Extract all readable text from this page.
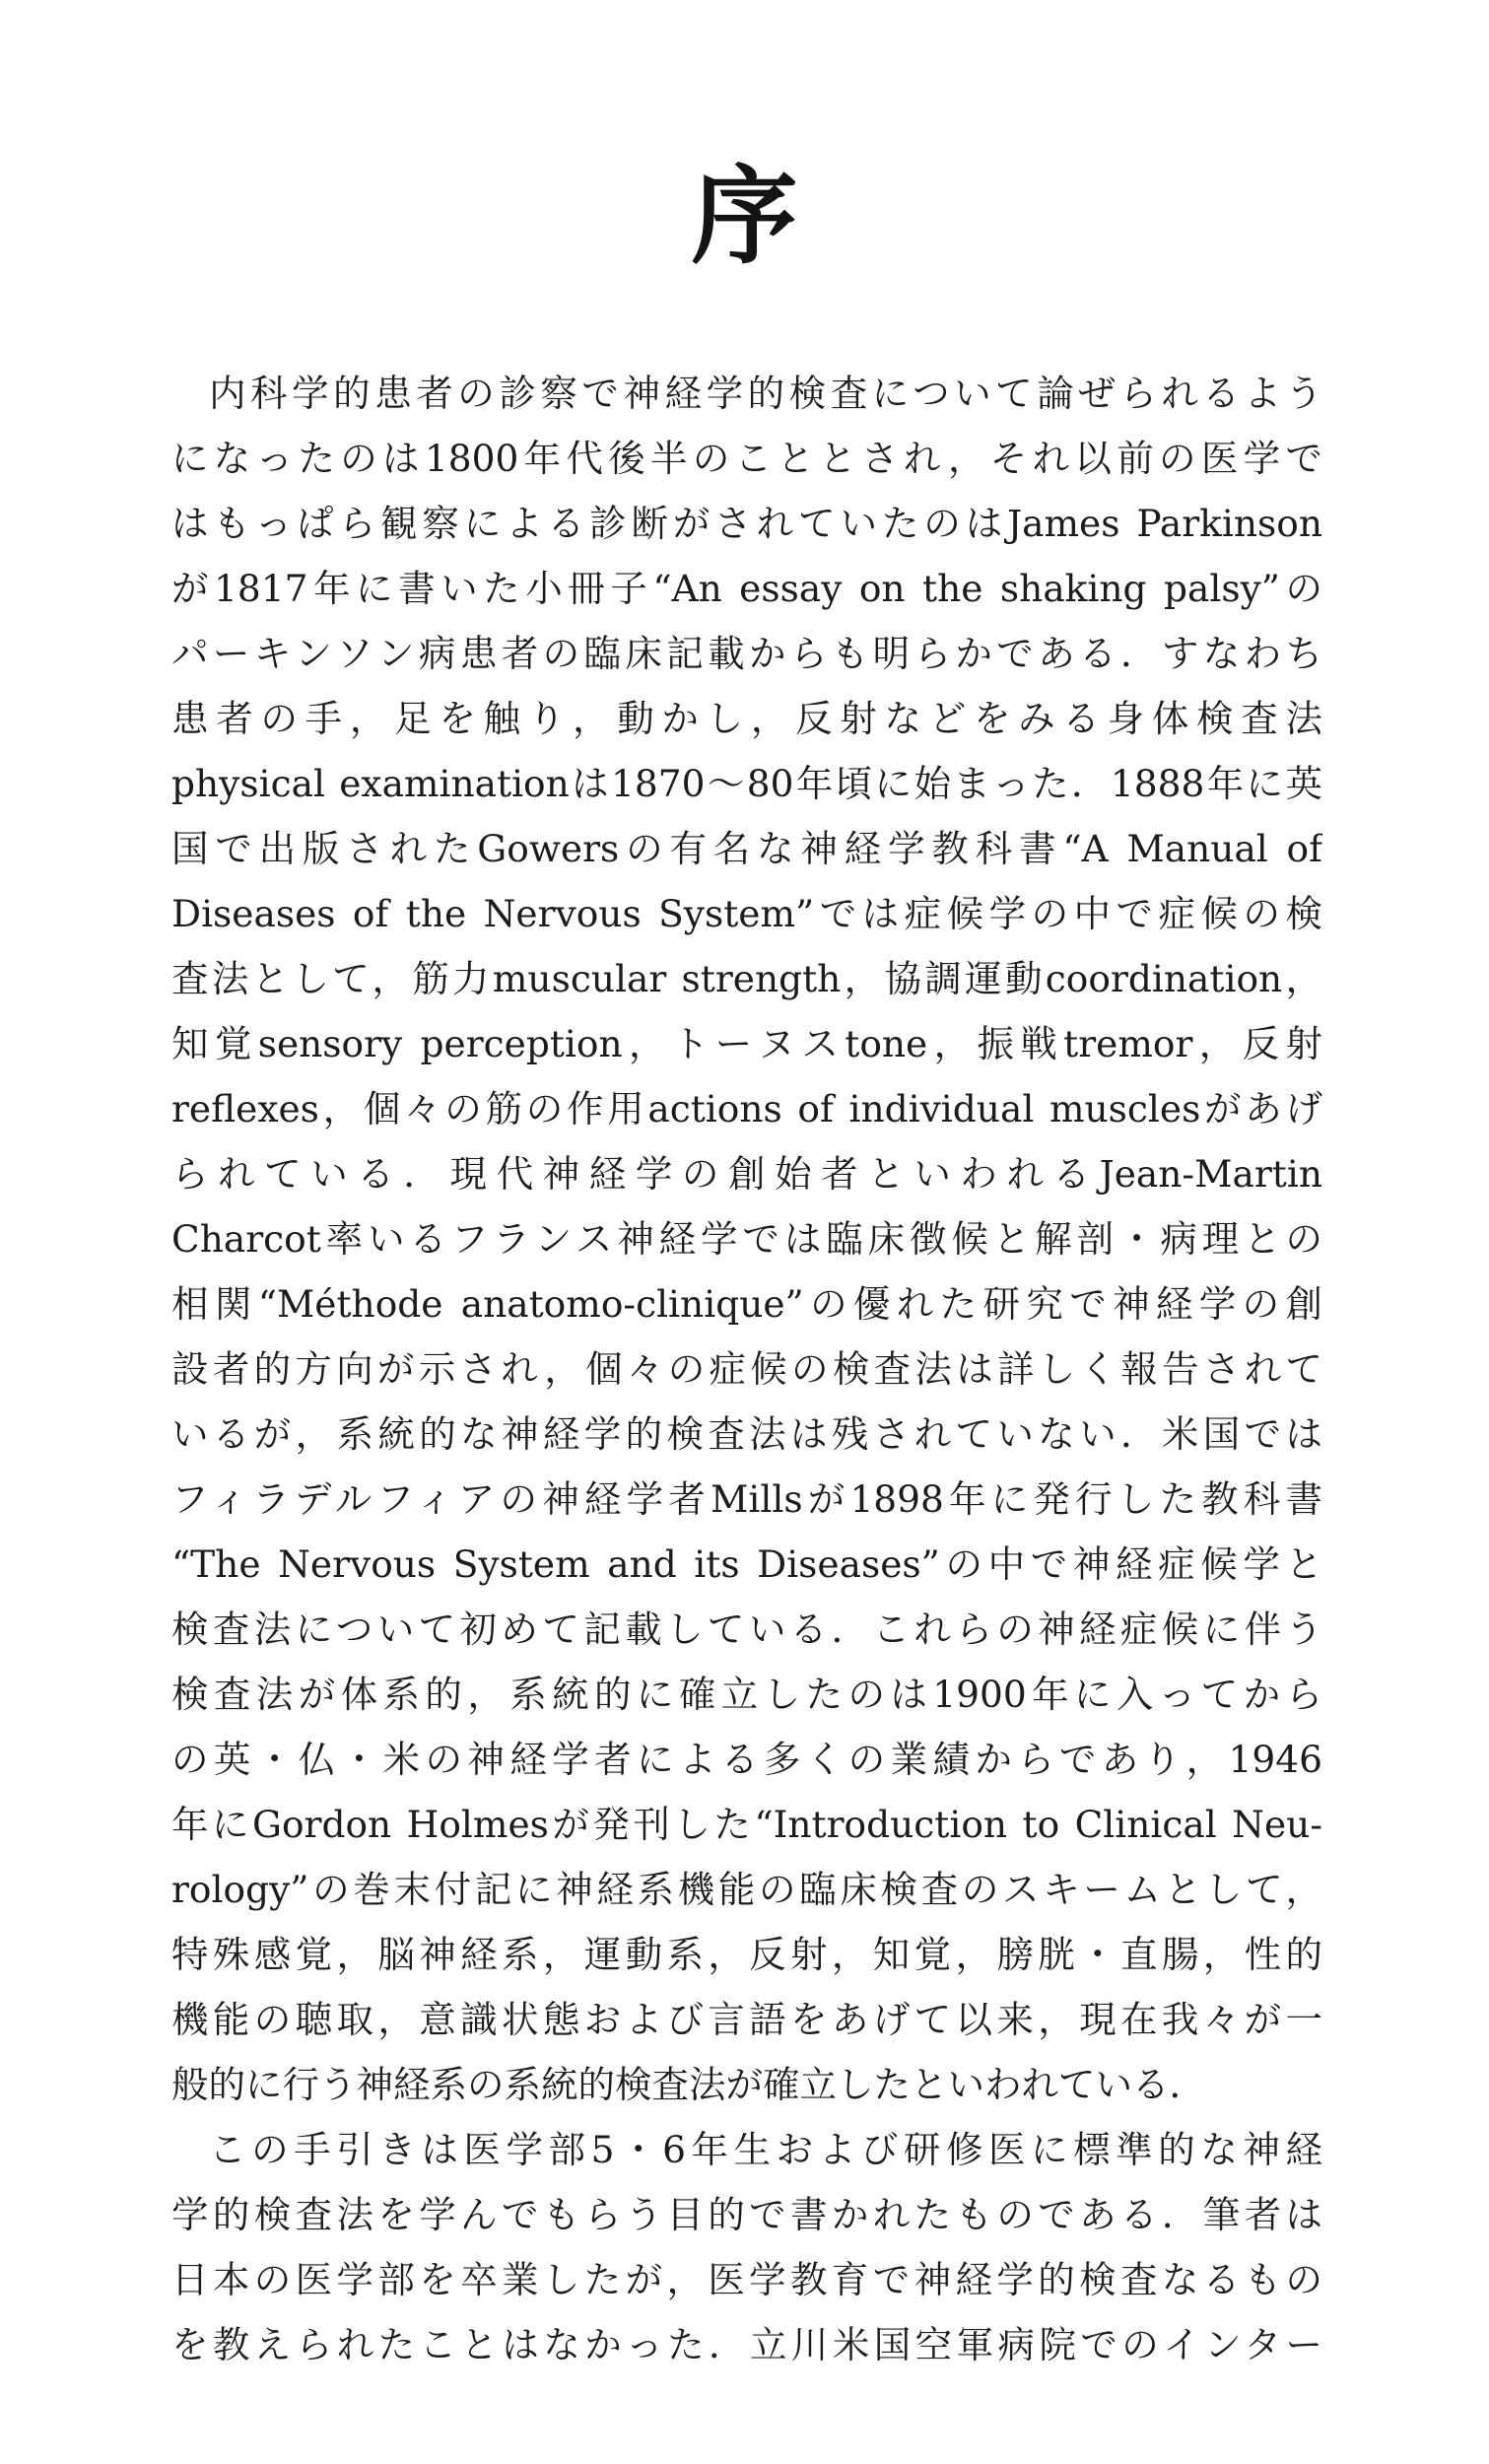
序
内科学的患者の診察で神経学的検査について論ぜられるよう
になったのは1800年代後半のこととされ，それ以前の医学で
はもっぱら観察による診断がされていたのはJames Parkinson
が1817年に書いた小冊子“An essay on the shaking palsy”の
パーキンソン病患者の臨床記載からも明らかである．すなわち
患者の手，足を触り，動かし，反射などをみる身体検査法
physical examinationは1870〜80年頃に始まった．1888年に英
国で出版されたGowersの有名な神経学教科書“A Manual of
Diseases of the Nervous System”では症候学の中で症候の検
査法として，筋力muscular strength，協調運動coordination，
知覚sensory perception，トーヌスtone，振戦tremor，反射
reflexes，個々の筋の作用actions of individual musclesがあげ
られている．現代神経学の創始者といわれるJean-Martin
Charcot率いるフランス神経学では臨床徴候と解剖・病理との
相関“Méthode anatomo-clinique”の優れた研究で神経学の創
設者的方向が示され，個々の症候の検査法は詳しく報告されて
いるが，系統的な神経学的検査法は残されていない．米国では
フィラデルフィアの神経学者Millsが1898年に発行した教科書
“The Nervous System and its Diseases”の中で神経症候学と
検査法について初めて記載している．これらの神経症候に伴う
検査法が体系的，系統的に確立したのは1900年に入ってから
の英・仏・米の神経学者による多くの業績からであり，1946
年にGordon Holmesが発刊した“Introduction to Clinical Neu-
rology”の巻末付記に神経系機能の臨床検査のスキームとして，
特殊感覚，脳神経系，運動系，反射，知覚，膀胱・直腸，性的
機能の聴取，意識状態および言語をあげて以来，現在我々が一
般的に行う神経系の系統的検査法が確立したといわれている．
この手引きは医学部5・6年生および研修医に標準的な神経
学的検査法を学んでもらう目的で書かれたものである．筆者は
日本の医学部を卒業したが，医学教育で神経学的検査なるもの
を教えられたことはなかった．立川米国空軍病院でのインター
